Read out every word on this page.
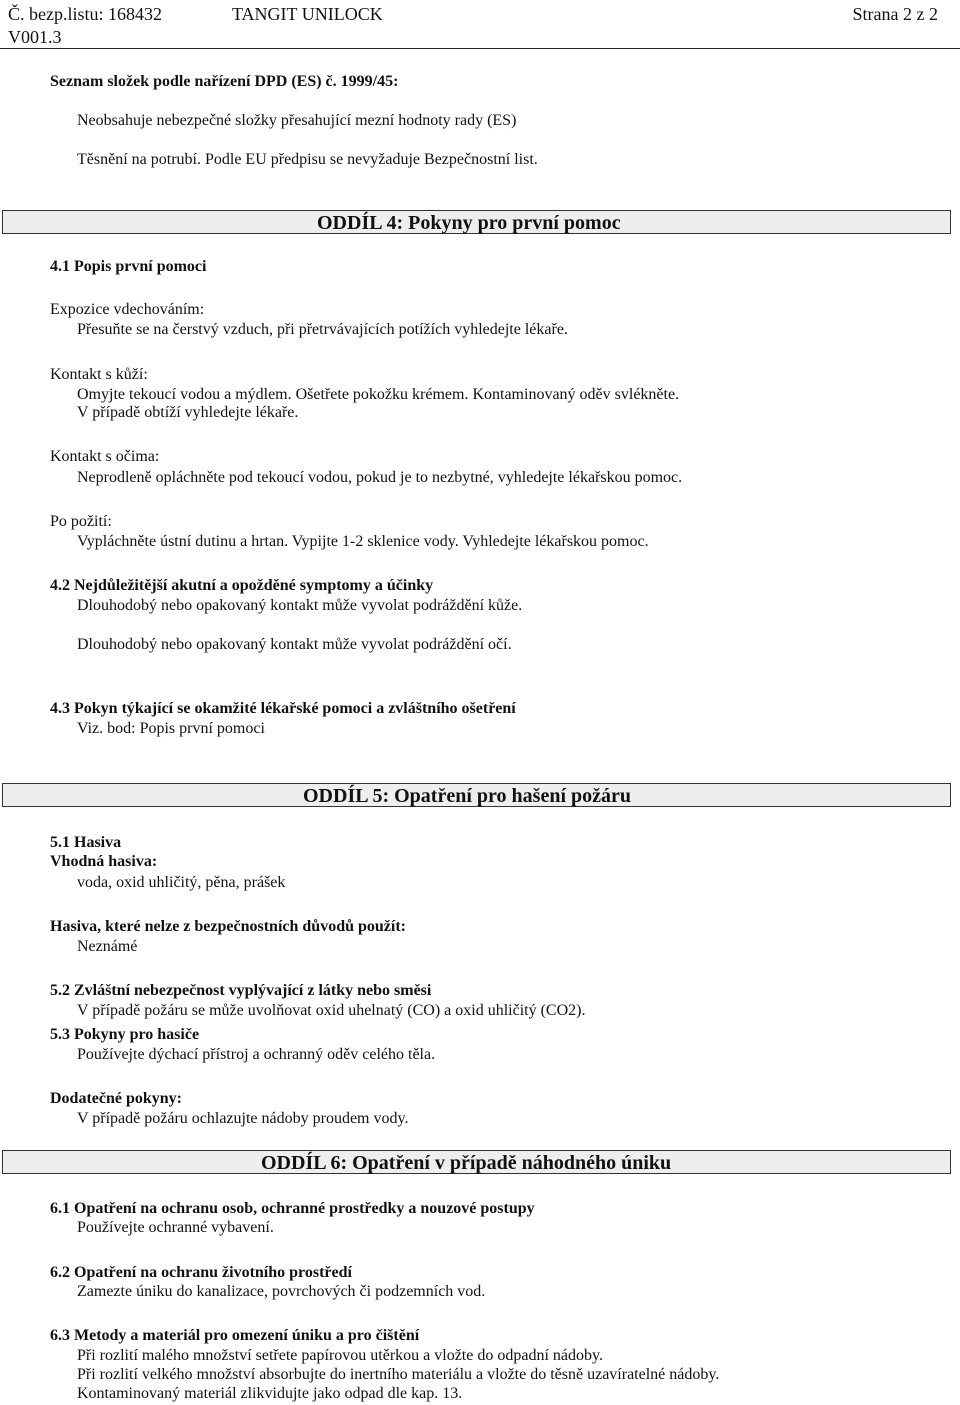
Č. bezp.listu: 168432	TANGIT UNILOCK	Strana 2 z 2
V001.3
Seznam složek podle nařízení DPD (ES) č. 1999/45:
Neobsahuje nebezpečné složky přesahující mezní hodnoty rady (ES)
Těsnění na potrubí. Podle EU předpisu se nevyžaduje Bezpečnostní list.
ODDÍL 4: Pokyny pro první pomoc
4.1 Popis první pomoci
Expozice vdechováním:
Přesuňte se na čerstvý vzduch, při přetrvávajících potížích vyhledejte lékaře.
Kontakt s kůží:
Omyjte tekoucí vodou a mýdlem. Ošetřete pokožku krémem. Kontaminovaný oděv svlékněte.
V případě obtíží vyhledejte lékaře.
Kontakt s očima:
Neprodleně opláchněte pod tekoucí vodou, pokud je to nezbytné, vyhledejte lékařskou pomoc.
Po požití:
Vypláchněte ústní dutinu a hrtan. Vypijte 1-2 sklenice vody. Vyhledejte lékařskou pomoc.
4.2 Nejdůležitější akutní a opožděné symptomy a účinky
Dlouhodobý nebo opakovaný kontakt může vyvolat podráždění kůže.
Dlouhodobý nebo opakovaný kontakt může vyvolat podráždění očí.
4.3 Pokyn týkající se okamžité lékařské pomoci a zvláštního ošetření
Viz. bod: Popis první pomoci
ODDÍL 5: Opatření pro hašení požáru
5.1 Hasiva
Vhodná hasiva:
voda, oxid uhličitý, pěna, prášek
Hasiva, které nelze z bezpečnostních důvodů použít:
Neznámé
5.2 Zvláštní nebezpečnost vyplývající z látky nebo směsi
V případě požáru se může uvolňovat oxid uhelnatý (CO) a oxid uhličitý (CO2).
5.3 Pokyny pro hasiče
Používejte dýchací přístroj a ochranný oděv celého těla.
Dodatečné pokyny:
V případě požáru ochlazujte nádoby proudem vody.
ODDÍL 6: Opatření v případě náhodného úniku
6.1 Opatření na ochranu osob, ochranné prostředky a nouzové postupy
Používejte ochranné vybavení.
6.2 Opatření na ochranu životního prostředí
Zamezte úniku do kanalizace, povrchových či podzemních vod.
6.3 Metody a materiál pro omezení úniku a pro čištění
Při rozlití malého množství setřete papírovou utěrkou a vložte do odpadní nádoby.
Při rozlití velkého množství absorbujte do inertního materiálu a vložte do těsně uzavíratelné nádoby.
Kontaminovaný materiál zlikvidujte jako odpad dle kap. 13.
